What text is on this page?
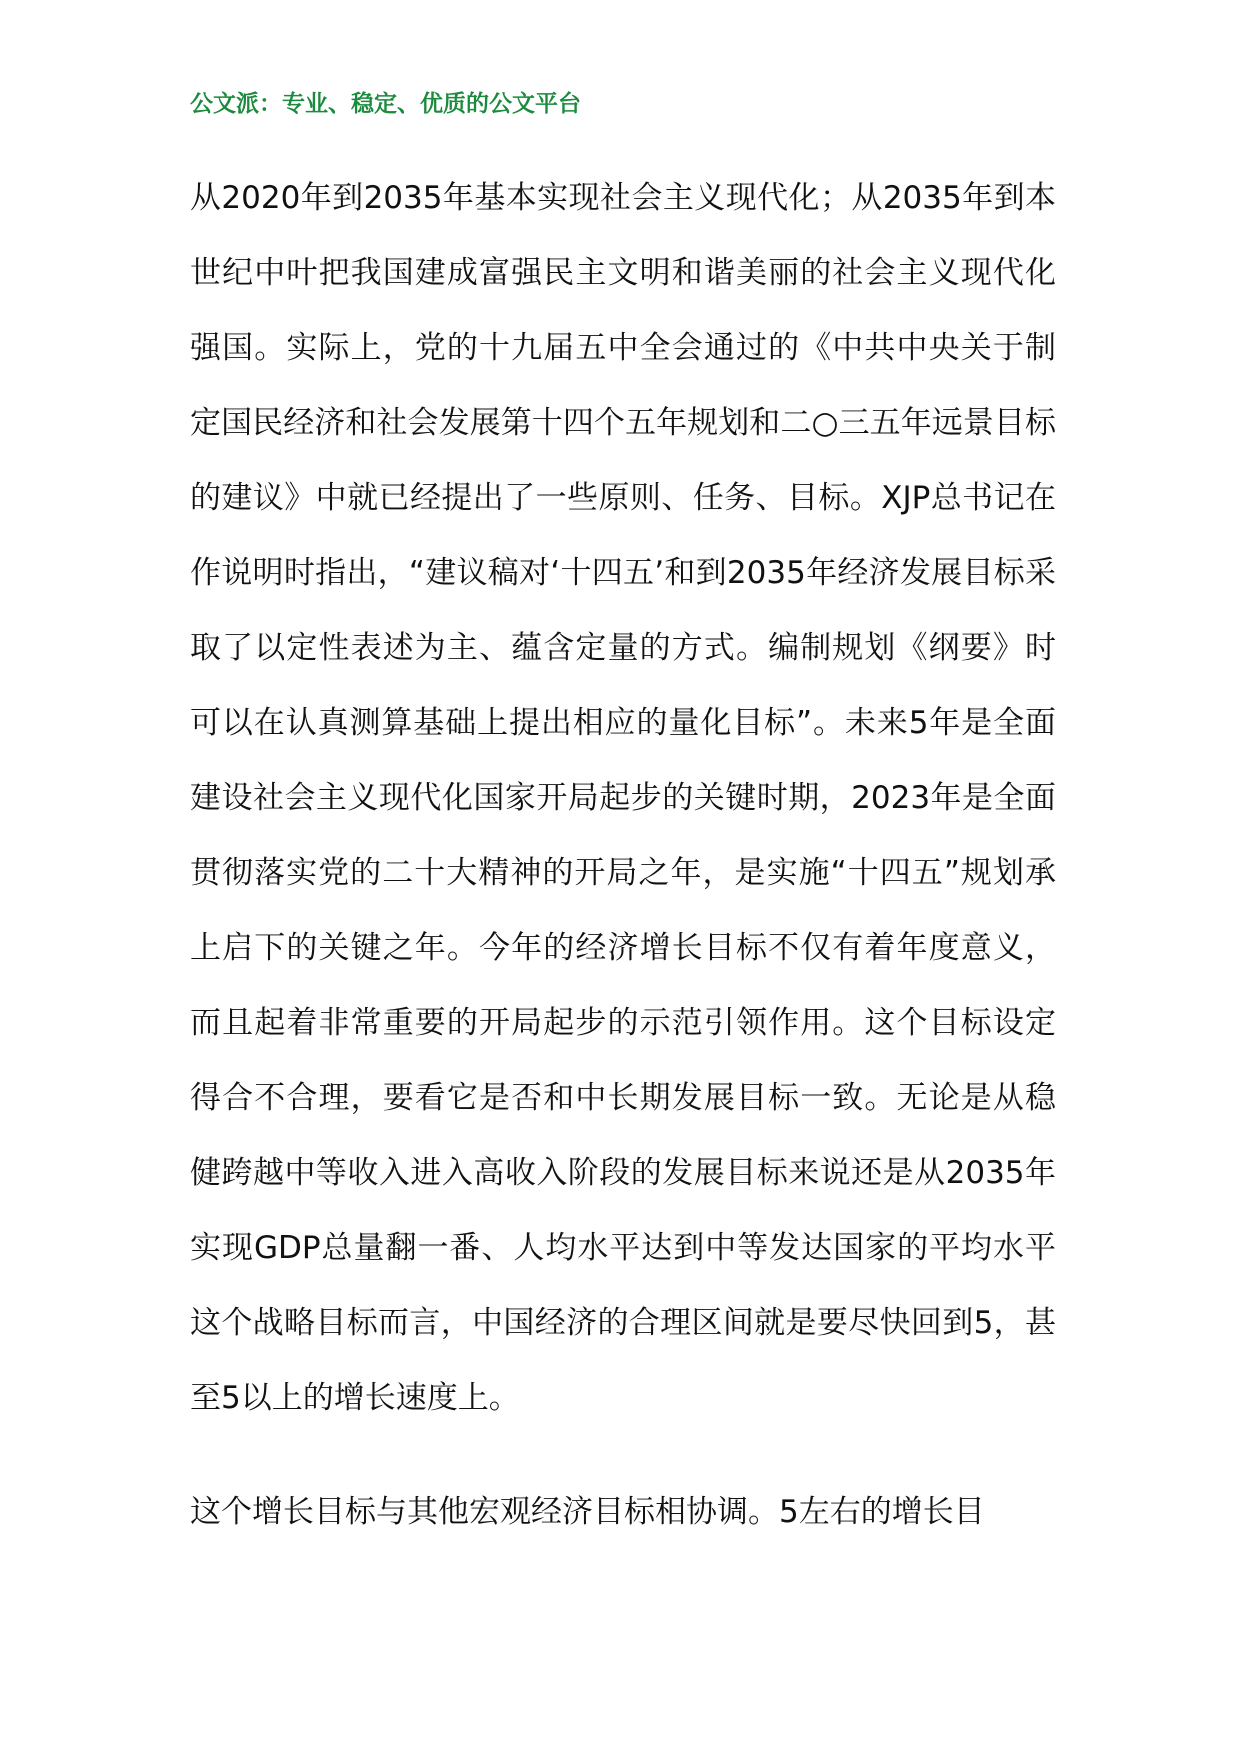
公文派：专业、稳定、优质的公文平台

从2020年到2035年基本实现社会主义现代化；从2035年到本世纪中叶把我国建成富强民主文明和谐美丽的社会主义现代化强国。实际上，党的十九届五中全会通过的《中共中央关于制定国民经济和社会发展第十四个五年规划和二○三五年远景目标的建议》中就已经提出了一些原则、任务、目标。XJP总书记在作说明时指出，“建议稿对‘十四五’和到2035年经济发展目标采取了以定性表述为主、蕴含定量的方式。编制规划《纲要》时可以在认真测算基础上提出相应的量化目标”。未来5年是全面建设社会主义现代化国家开局起步的关键时期，2023年是全面贯彻落实党的二十大精神的开局之年，是实施“十四五”规划承上启下的关键之年。今年的经济增长目标不仅有着年度意义，而且起着非常重要的开局起步的示范引领作用。这个目标设定得合不合理，要看它是否和中长期发展目标一致。无论是从稳健跨越中等收入进入高收入阶段的发展目标来说还是从2035年实现GDP总量翻一番、人均水平达到中等发达国家的平均水平这个战略目标而言，中国经济的合理区间就是要尽快回到5，甚至5以上的增长速度上。

这个增长目标与其他宏观经济目标相协调。5左右的增长目
